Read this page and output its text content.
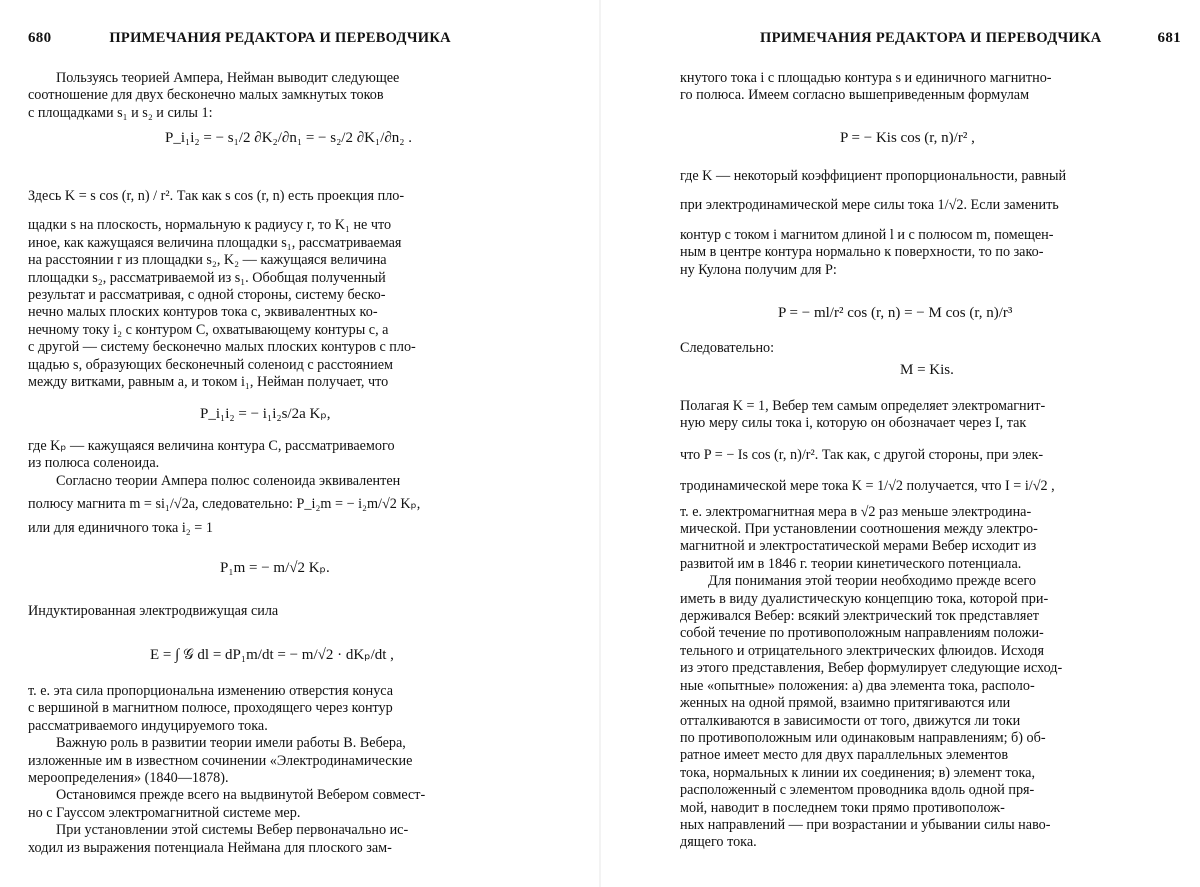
680	ПРИМЕЧАНИЯ РЕДАКТОРА И ПЕРЕВОДЧИКА
Пользуясь теорией Ампера, Нейман выводит следующее
соотношение для двух бесконечно малых замкнутых токов
с площадками s₁ и s₂ и силы 1:
P_i₁i₂ = − s₁/2 ∂K₂/∂n₁ = − s₂/2 ∂K₁/∂n₂ .
Здесь K = s cos (r, n) / r². Так как s cos (r, n) есть проекция пло-
щадки s на плоскость, нормальную к радиусу r, то K₁ не что
иное, как кажущаяся величина площадки s₁, рассматриваемая
на расстоянии r из площадки s₂, K₂ — кажущаяся величина
площадки s₂, рассматриваемой из s₁. Обобщая полученный
результат и рассматривая, с одной стороны, систему беско-
нечно малых плоских контуров тока c, эквивалентных ко-
нечному току i₂ с контуром C, охватывающему контуры c, а
с другой — систему бесконечно малых плоских контуров с пло-
щадью s, образующих бесконечный соленоид с расстоянием
между витками, равным a, и током i₁, Нейман получает, что
P_i₁i₂ = − i₁i₂s/2a Kₚ,
где Kₚ — кажущаяся величина контура C, рассматриваемого
из полюса соленоида.
Согласно теории Ампера полюс соленоида эквивалентен
полюсу магнита m = si₁/√2a, следовательно: P_i₂m = − i₂m/√2 Kₚ,
или для единичного тока i₂ = 1
P₁m = − m/√2 Kₚ.
Индуктированная электродвижущая сила
E = ∫ 𝒢 dl = dP₁m/dt = − m/√2 · dKₚ/dt ,
т. е. эта сила пропорциональна изменению отверстия конуса
с вершиной в магнитном полюсе, проходящего через контур
рассматриваемого индуцируемого тока.
Важную роль в развитии теории имели работы В. Вебера,
изложенные им в известном сочинении «Электродинамические
мероопределения» (1840—1878).
Остановимся прежде всего на выдвинутой Вебером совмест-
но с Гауссом электромагнитной системе мер.
При установлении этой системы Вебер первоначально ис-
ходил из выражения потенциала Неймана для плоского зам-
ПРИМЕЧАНИЯ РЕДАКТОРА И ПЕРЕВОДЧИКА	681
кнутого тока i с площадью контура s и единичного магнитно-
го полюса. Имеем согласно вышеприведенным формулам
P = − Kis cos (r, n)/r² ,
где K — некоторый коэффициент пропорциональности, равный
при электродинамической мере силы тока 1/√2. Если заменить
контур с током i магнитом длиной l и с полюсом m, помещен-
ным в центре контура нормально к поверхности, то по зако-
ну Кулона получим для P:
P = − ml/r² cos (r, n) = − M cos (r, n)/r³
Следовательно:
M = Kis.
Полагая K = 1, Вебер тем самым определяет электромагнит-
ную меру силы тока i, которую он обозначает через I, так
что P = − Is cos (r, n)/r². Так как, с другой стороны, при элек-
тродинамической мере тока K = 1/√2 получается, что I = i/√2 ,
т. е. электромагнитная мера в √2 раз меньше электродина-
мической. При установлении соотношения между электро-
магнитной и электростатической мерами Вебер исходит из
развитой им в 1846 г. теории кинетического потенциала.
Для понимания этой теории необходимо прежде всего
иметь в виду дуалистическую концепцию тока, которой при-
держивался Вебер: всякий электрический ток представляет
собой течение по противоположным направлениям положи-
тельного и отрицательного электрических флюидов. Исходя
из этого представления, Вебер формулирует следующие исход-
ные «опытные» положения: а) два элемента тока, располо-
женных на одной прямой, взаимно притягиваются или
отталкиваются в зависимости от того, движутся ли токи
по противоположным или одинаковым направлениям; б) об-
ратное имеет место для двух параллельных элементов
тока, нормальных к линии их соединения; в) элемент тока,
расположенный с элементом проводника вдоль одной пря-
мой, наводит в последнем токи прямо противополож-
ных направлений — при возрастании и убывании силы наво-
дящего тока.
